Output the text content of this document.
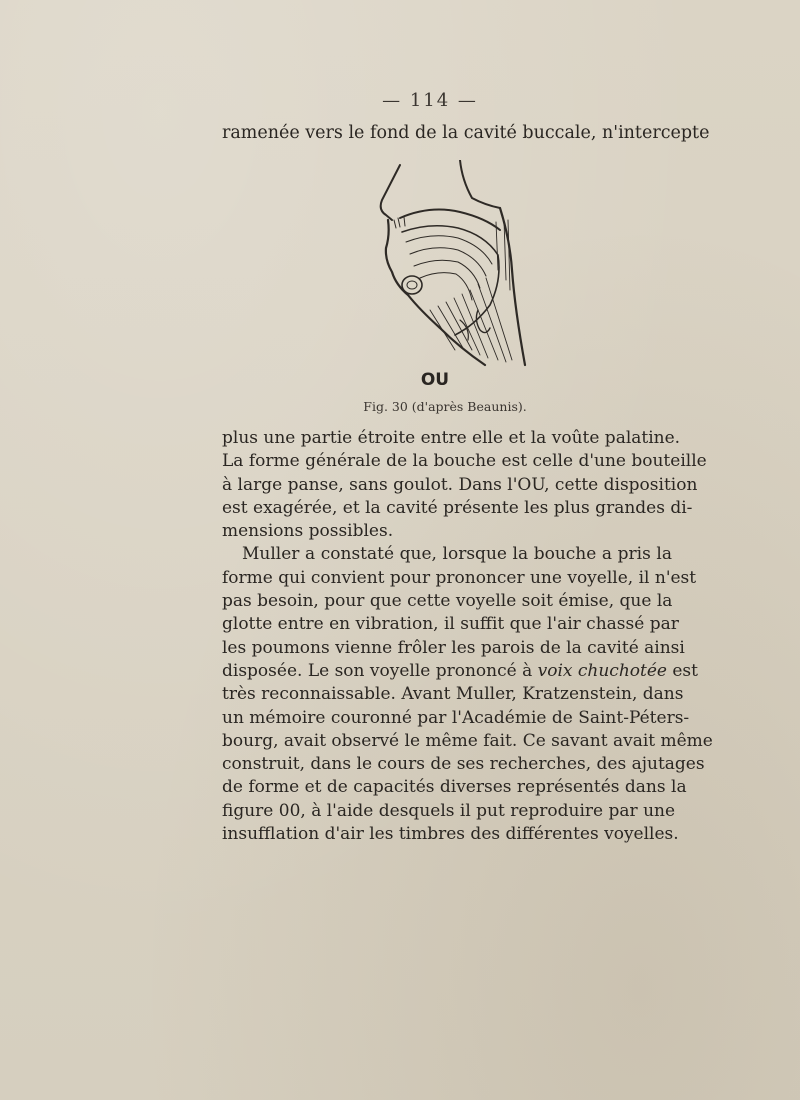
— 114 —
ramenée vers le fond de la cavité buccale, n'intercepte
OU
Fig. 30 (d'après Beaunis).
plus une partie étroite entre elle et la voûte palatine.
La forme générale de la bouche est celle d'une bouteille
à large panse, sans goulot. Dans l'OU, cette disposition
est exagérée, et la cavité présente les plus grandes di-
mensions possibles.
Muller a constaté que, lorsque la bouche a pris la
forme qui convient pour prononcer une voyelle, il n'est
pas besoin, pour que cette voyelle soit émise, que la
glotte entre en vibration, il suffit que l'air chassé par
les poumons vienne frôler les parois de la cavité ainsi
disposée. Le son voyelle prononcé à voix chuchotée est
très reconnaissable. Avant Muller, Kratzenstein, dans
un mémoire couronné par l'Académie de Saint-Péters-
bourg, avait observé le même fait. Ce savant avait même
construit, dans le cours de ses recherches, des ajutages
de forme et de capacités diverses représentés dans la
figure 00, à l'aide desquels il put reproduire par une
insufflation d'air les timbres des différentes voyelles.
